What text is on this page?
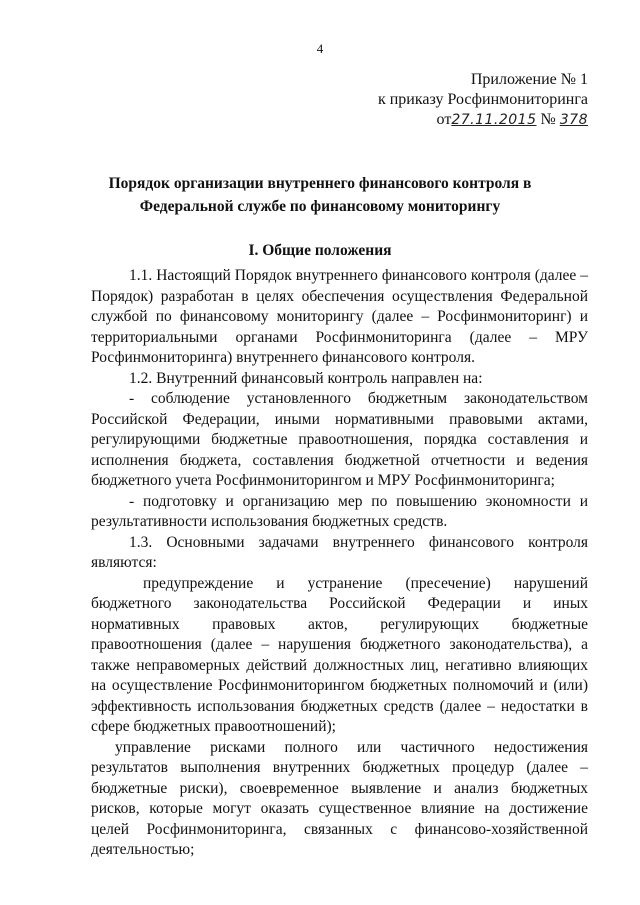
4
Приложение № 1
к приказу Росфинмониторинга
от27.11.2015 № 378
Порядок организации внутреннего финансового контроля в Федеральной службе по финансовому мониторингу
I. Общие положения

1.1. Настоящий Порядок внутреннего финансового контроля (далее – Порядок) разработан в целях обеспечения осуществления Федеральной службой по финансовому мониторингу (далее – Росфинмониторинг) и территориальными органами Росфинмониторинга (далее – МРУ Росфинмониторинга) внутреннего финансового контроля.

1.2. Внутренний финансовый контроль направлен на:

- соблюдение установленного бюджетным законодательством Российской Федерации, иными нормативными правовыми актами, регулирующими бюджетные правоотношения, порядка составления и исполнения бюджета, составления бюджетной отчетности и ведения бюджетного учета Росфинмониторингом и МРУ Росфинмониторинга;

- подготовку и организацию мер по повышению экономности и результативности использования бюджетных средств.

1.3. Основными задачами внутреннего финансового контроля являются:

предупреждение и устранение (пресечение) нарушений бюджетного законодательства Российской Федерации и иных нормативных правовых актов, регулирующих бюджетные правоотношения (далее – нарушения бюджетного законодательства), а также неправомерных действий должностных лиц, негативно влияющих на осуществление Росфинмониторингом бюджетных полномочий и (или) эффективность использования бюджетных средств (далее – недостатки в сфере бюджетных правоотношений);

управление рисками полного или частичного недостижения результатов выполнения внутренних бюджетных процедур (далее – бюджетные риски), своевременное выявление и анализ бюджетных рисков, которые могут оказать существенное влияние на достижение целей Росфинмониторинга, связанных с финансово-хозяйственной деятельностью;
